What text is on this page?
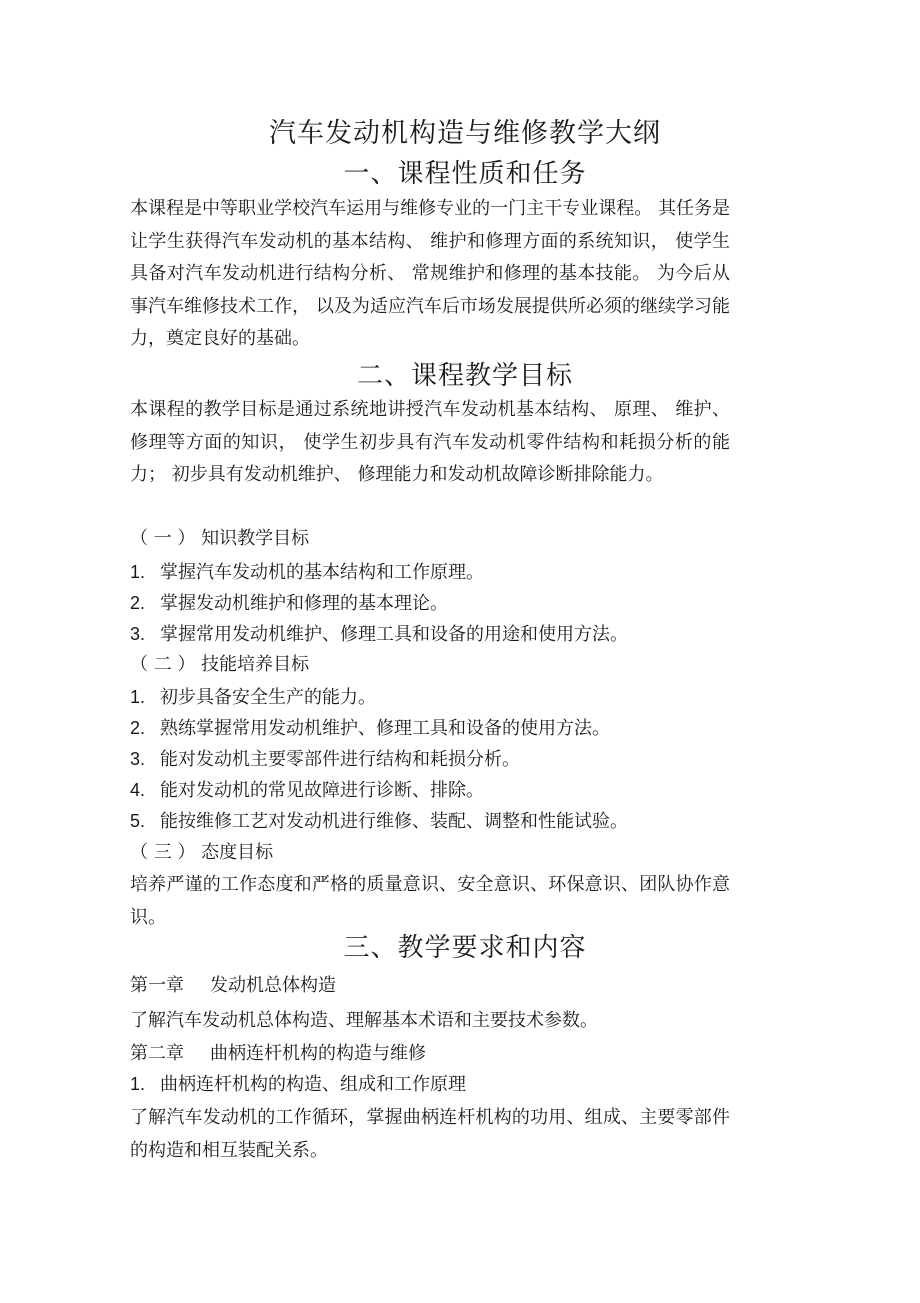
汽车发动机构造与维修教学大纲
一、课程性质和任务

本课程是中等职业学校汽车运用与维修专业的一门主干专业课程。 其任务是让学生获得汽车发动机的基本结构、 维护和修理方面的系统知识， 使学生具备对汽车发动机进行结构分析、 常规维护和修理的基本技能。 为今后从事汽车维修技术工作， 以及为适应汽车后市场发展提供所必须的继续学习能力，奠定良好的基础。

二、课程教学目标

本课程的教学目标是通过系统地讲授汽车发动机基本结构、 原理、 维护、 修理等方面的知识， 使学生初步具有汽车发动机零件结构和耗损分析的能力； 初步具有发动机维护、 修理能力和发动机故障诊断排除能力。

（ 一 ） 知识教学目标
1. 掌握汽车发动机的基本结构和工作原理。
2. 掌握发动机维护和修理的基本理论。
3. 掌握常用发动机维护、修理工具和设备的用途和使用方法。
（ 二 ） 技能培养目标
1. 初步具备安全生产的能力。
2. 熟练掌握常用发动机维护、修理工具和设备的使用方法。
3. 能对发动机主要零部件进行结构和耗损分析。
4. 能对发动机的常见故障进行诊断、排除。
5. 能按维修工艺对发动机进行维修、装配、调整和性能试验。
（ 三 ） 态度目标

培养严谨的工作态度和严格的质量意识、安全意识、环保意识、团队协作意识。

三、教学要求和内容
第一章 发动机总体构造
了解汽车发动机总体构造、理解基本术语和主要技术参数。
第二章 曲柄连杆机构的构造与维修
1. 曲柄连杆机构的构造、组成和工作原理

了解汽车发动机的工作循环，掌握曲柄连杆机构的功用、组成、主要零部件的构造和相互装配关系。
